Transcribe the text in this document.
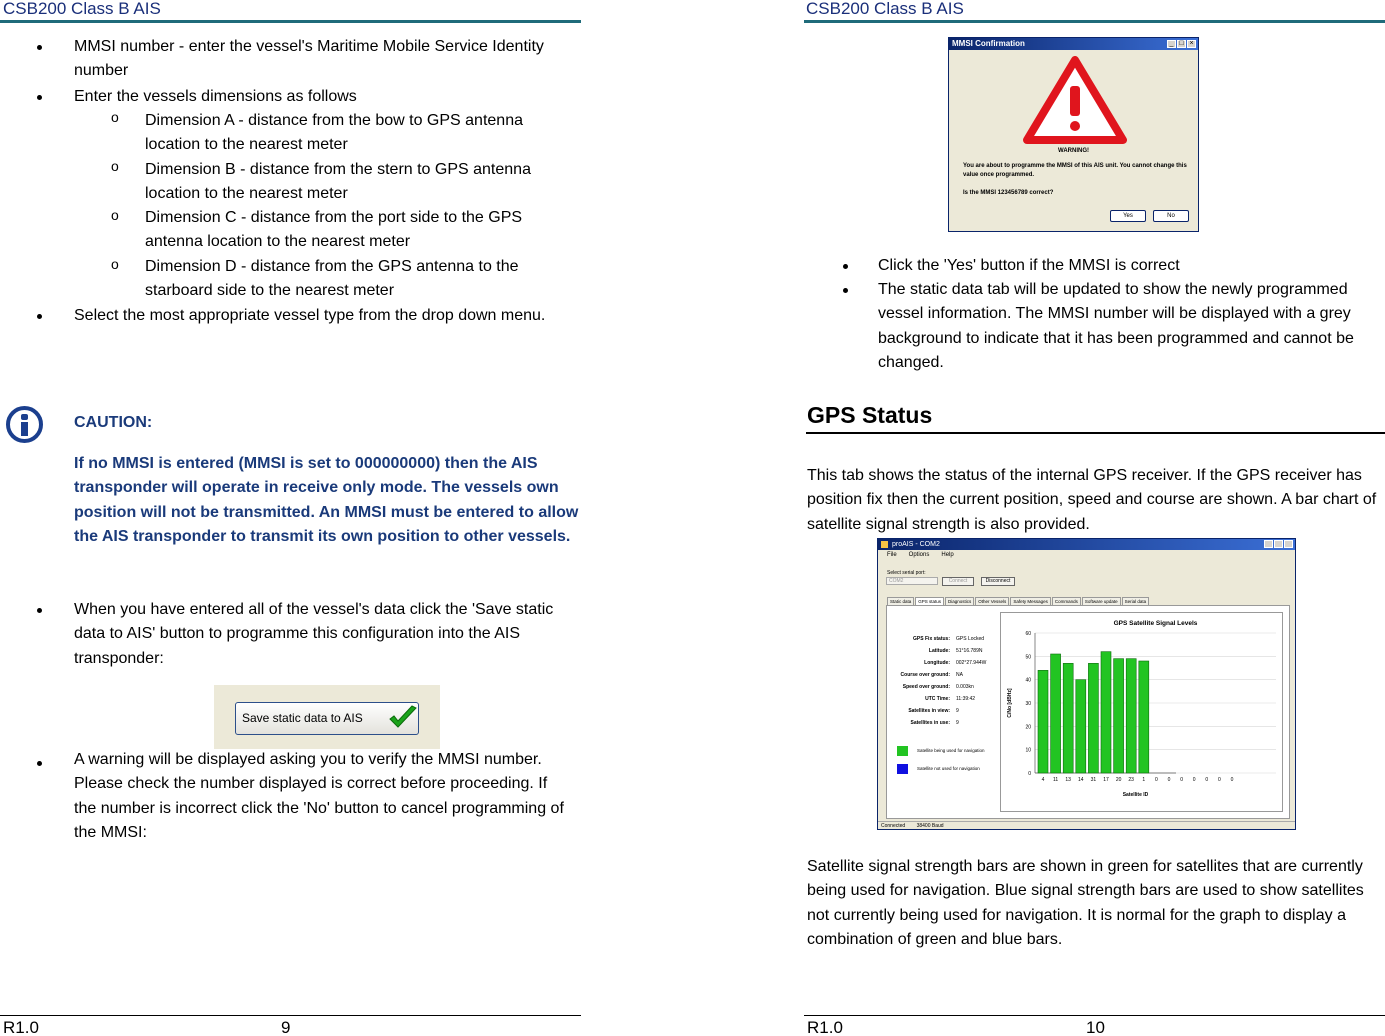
CSB200 Class B AIS	CSB200 Class B AIS
R1.0	9	R1.0	10
MMSI number - enter the vessel's Maritime Mobile Service Identity number
Enter the vessels dimensions as follows
o Dimension A - distance from the bow to GPS antenna location to the nearest meter
o Dimension B - distance from the stern to GPS antenna location to the nearest meter
o Dimension C - distance from the port side to the GPS antenna location to the nearest meter
o Dimension D - distance from the GPS antenna to the starboard side to the nearest meter
Select the most appropriate vessel type from the drop down menu.
CAUTION:
If no MMSI is entered (MMSI is set to 000000000) then the AIS transponder will operate in receive only mode. The vessels own position will not be transmitted. An MMSI must be entered to allow the AIS transponder to transmit its own position to other vessels.
When you have entered all of the vessel's data click the 'Save static data to AIS' button to programme this configuration into the AIS transponder:
Save static data to AIS
A warning will be displayed asking you to verify the MMSI number. Please check the number displayed is correct before proceeding. If the number is incorrect click the 'No' button to cancel programming of the MMSI:
MMSI Confirmation	_ □ ×
WARNING!
You are about to programme the MMSI of this AIS unit. You cannot change this value once programmed.
Is the MMSI 123456789 correct?
Yes	No
Click the 'Yes' button if the MMSI is correct
The static data tab will be updated to show the newly programmed vessel information. The MMSI number will be displayed with a grey background to indicate that it has been programmed and cannot be changed.
GPS Status
This tab shows the status of the internal GPS receiver. If the GPS receiver has position fix then the current position, speed and course are shown. A bar chart of satellite signal strength is also provided.
proAIS - COM2
File Options Help
Select serial port:
COM2	Connect	Disconnect
Static data	GPS status	Diagnostics	Other Vessels	Safety Messages	Commands	Software update	Serial data
GPS Fix status: GPS Locked
Latitude: 51°16.789N
Longitude: 002°27.944W
Course over ground: NA
Speed over ground: 0.003kn
UTC Time: 11:39:42
Satellites in view: 9
Satellites in use: 9
Satellite being used for navigation
Satellite not used for navigation
GPS Satellite Signal Levels
C/No [dBHz]
Satellite ID
0
10
20
30
40
50
60
4 11 13 14 31 17 20 23 1 0 0 0 0 0 0 0
Connected 38400 Baud
Satellite signal strength bars are shown in green for satellites that are currently being used for navigation. Blue signal strength bars are used to show satellites not currently being used for navigation. It is normal for the graph to display a combination of green and blue bars.
